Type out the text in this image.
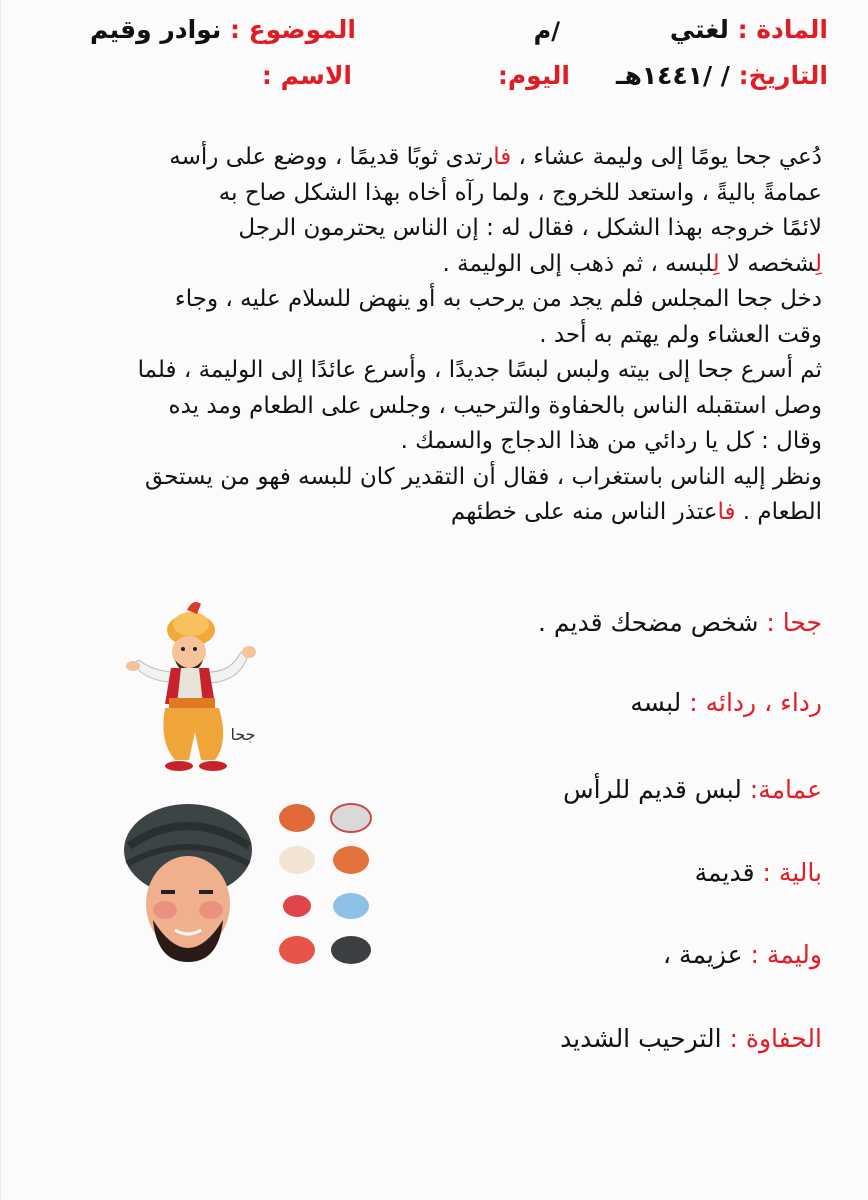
المادة : لغتي
/م
الموضوع : نوادر وقيم
التاريخ: / /١٤٤١هـ
اليوم:
الاسم :
دُعي جحا يومًا إلى وليمة عشاء ، فارتدى ثوبًا قديمًا ، ووضع على رأسه
عمامةً باليةً ، واستعد للخروج ، ولما رآه أخاه بهذا الشكل صاح به
لائمًا خروجه بهذا الشكل ، فقال له : إن الناس يحترمون الرجل
لِشخصه لا لِلبسه ، ثم ذهب إلى الوليمة .
دخل جحا المجلس فلم يجد من يرحب به أو ينهض للسلام عليه ، وجاء
وقت العشاء ولم يهتم به أحد .
ثم أسرع جحا إلى بيته ولبس لبسًا جديدًا ، وأسرع عائدًا إلى الوليمة ، فلما
وصل استقبله الناس بالحفاوة والترحيب ، وجلس على الطعام ومد يده
وقال : كل يا ردائي من هذا الدجاج والسمك .
ونظر إليه الناس باستغراب ، فقال أن التقدير كان للبسه فهو من يستحق
الطعام . فاعتذر الناس منه على خطئهم
جحا : شخص مضحك قديم .
رداء ، ردائه : لبسه
عمامة: لبس قديم للرأس
بالية : قديمة
وليمة : عزيمة ،
الحفاوة : الترحيب الشديد
جحا
